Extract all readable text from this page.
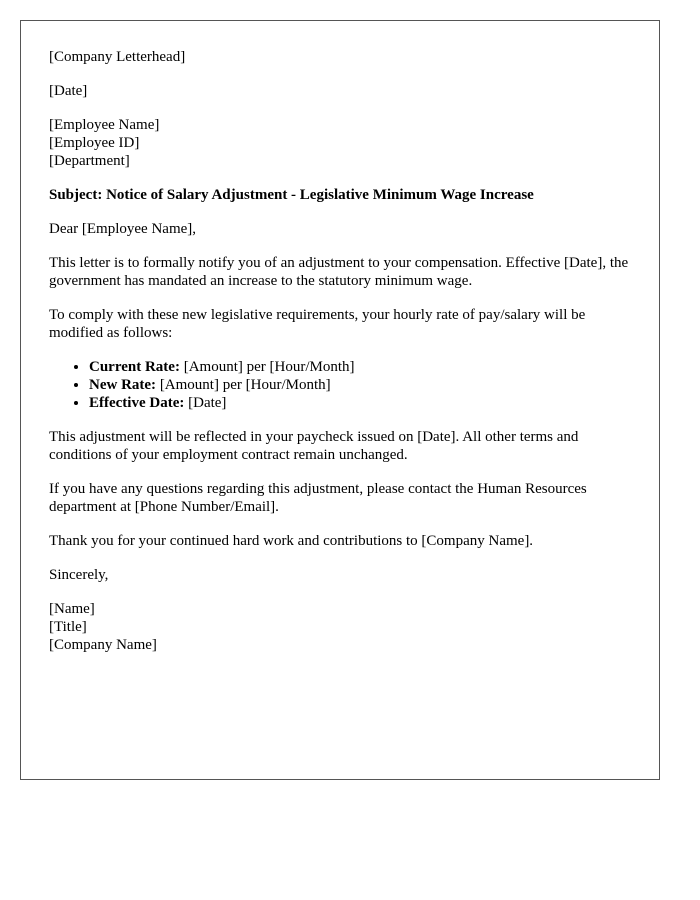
[Company Letterhead]

[Date]

[Employee Name]
[Employee ID]
[Department]

Subject: Notice of Salary Adjustment - Legislative Minimum Wage Increase

Dear [Employee Name],

This letter is to formally notify you of an adjustment to your compensation. Effective [Date], the government has mandated an increase to the statutory minimum wage.

To comply with these new legislative requirements, your hourly rate of pay/salary will be modified as follows:

• Current Rate: [Amount] per [Hour/Month]
• New Rate: [Amount] per [Hour/Month]
• Effective Date: [Date]

This adjustment will be reflected in your paycheck issued on [Date]. All other terms and conditions of your employment contract remain unchanged.

If you have any questions regarding this adjustment, please contact the Human Resources department at [Phone Number/Email].

Thank you for your continued hard work and contributions to [Company Name].

Sincerely,

[Name]
[Title]
[Company Name]
